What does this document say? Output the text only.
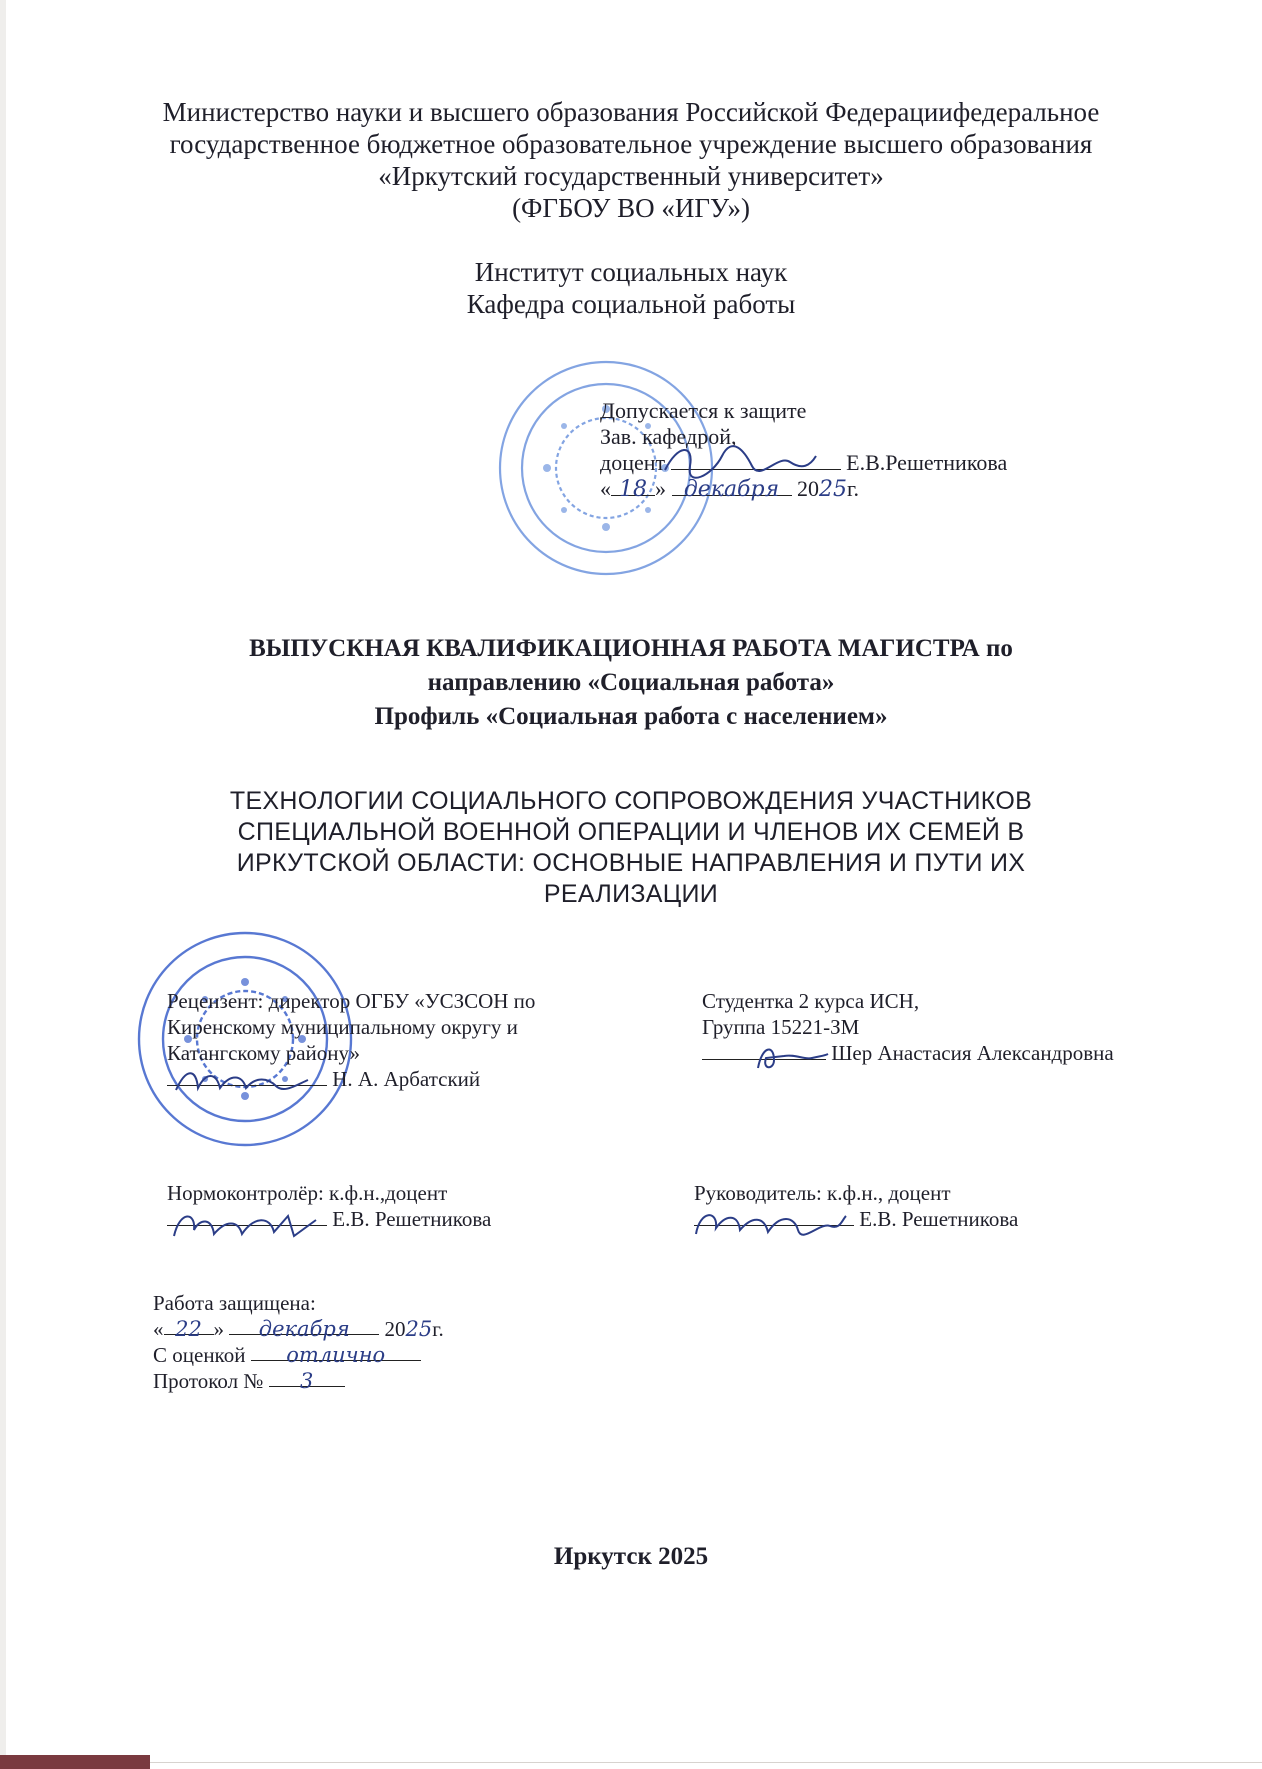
Министерство науки и высшего образования Российской Федерациифедеральное
государственное бюджетное образовательное учреждение высшего образования
«Иркутский государственный университет»
(ФГБОУ ВО «ИГУ»)
Институт социальных наук
Кафедра социальной работы
Допускается к защите
Зав. кафедрой,
доцент	Е.В.Решетникова
« 18 » декабря 2025г.
ВЫПУСКНАЯ КВАЛИФИКАЦИОННАЯ РАБОТА МАГИСТРА по
направлению «Социальная работа»
Профиль «Социальная работа с населением»
ТЕХНОЛОГИИ СОЦИАЛЬНОГО СОПРОВОЖДЕНИЯ УЧАСТНИКОВ
СПЕЦИАЛЬНОЙ ВОЕННОЙ ОПЕРАЦИИ И ЧЛЕНОВ ИХ СЕМЕЙ В
ИРКУТСКОЙ ОБЛАСТИ: ОСНОВНЫЕ НАПРАВЛЕНИЯ И ПУТИ ИХ
РЕАЛИЗАЦИИ
Рецензент: директор ОГБУ «УСЗСОН по
Киренскому муниципальному округу и
Катангскому району»
Н. А. Арбатский
Студентка 2 курса ИСН,
Группа 15221-ЗМ
Шер Анастасия Александровна
Нормоконтролёр: к.ф.н.,доцент
Е.В. Решетникова
Руководитель: к.ф.н., доцент
Е.В. Решетникова
Работа защищена:
« 22 » декабря 2025г.
С оценкой отлично
Протокол № 3
Иркутск 2025
